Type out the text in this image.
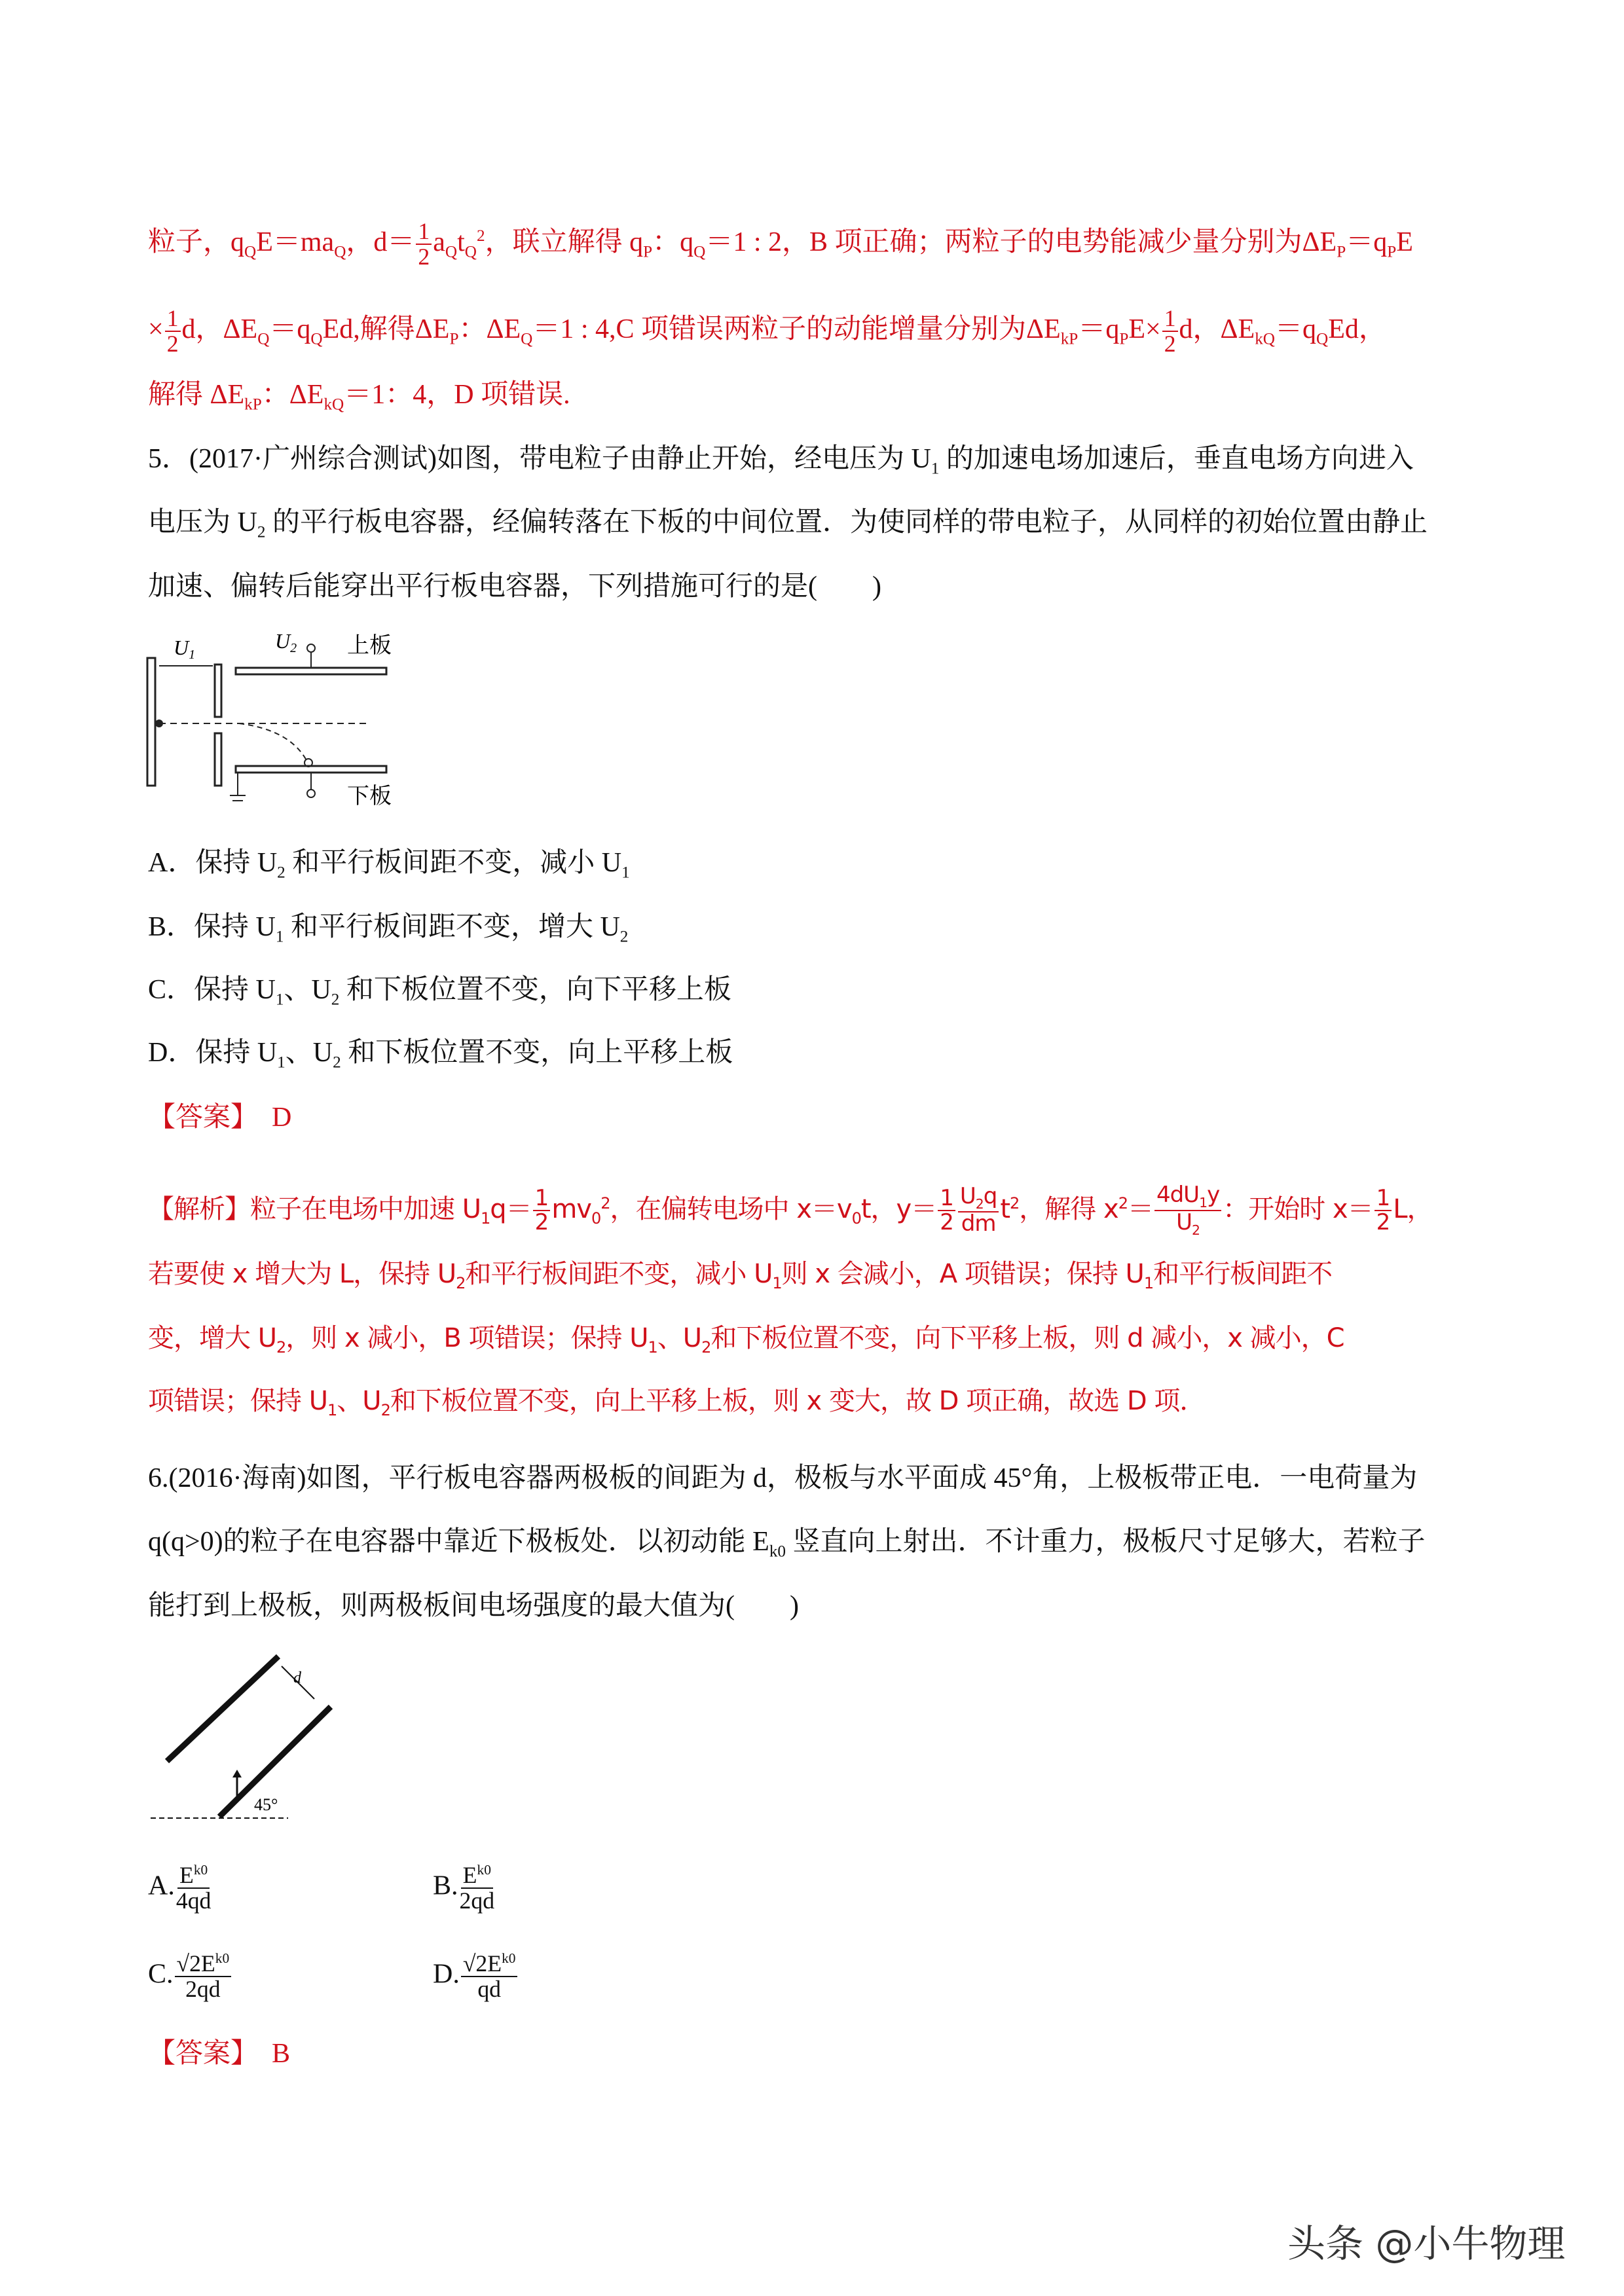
粒子，$q_QE=ma_Q$，$d= \frac{1}{2} a_Qt_Q^2$，联立解得 $q_P$：$q_Q=1$ : 2，B 项正确；两粒子的电势能减少量分别为$\Delta E_P=q_PE$
× $\frac{1}{2}$ d，$\Delta E_Q=q_QEd$,解得$\Delta E_P$：$\Delta E_Q=1$ : 4,C 项错误两粒子的动能增量分别为$\Delta E_{kP}=q_PE\times \frac{1}{2}$ d，$\Delta E_{kQ}=q_QEd$，
解得 $\Delta E_{kP}$：$\Delta E_{kQ}=1$：4，D 项错误.
5．(2017·广州综合测试)如图，带电粒子由静止开始，经电压为 $U_1$ 的加速电场加速后，垂直电场方向进入
电压为 $U_2$ 的平行板电容器，经偏转落在下板的中间位置．为使同样的带电粒子，从同样的初始位置由静止
加速、偏转后能穿出平行板电容器，下列措施可行的是(　　)
U1
U2 上板
下板
A．保持 $U_2$ 和平行板间距不变，减小 $U_1$
B．保持 $U_1$ 和平行板间距不变，增大 $U_2$
C．保持 $U_1$、$U_2$ 和下板位置不变，向下平移上板
D．保持 $U_1$、$U_2$ 和下板位置不变，向上平移上板
【答案】 D
【解析】粒子在电场中加速 $U_1q= \frac{1}{2} mv_0^2$，在偏转电场中 $x=v_0t$，$y= \frac{1}{2} \frac{U_2q}{dm} t^2$，解得 $x^2= \frac{4dU_1y}{U_2}$ ：开始时 $x= \frac{1}{2}$ L，
若要使 x 增大为 L，保持 $U_2$和平行板间距不变，减小 $U_1$则 x 会减小，A 项错误；保持 $U_1$和平行板间距不
变，增大 $U_2$，则 x 减小，B 项错误；保持 $U_1$、$U_2$和下板位置不变，向下平移上板，则 d 减小，x 减小，C
项错误；保持 $U_1$、$U_2$和下板位置不变，向上平移上板，则 x 变大，故 D 项正确，故选 D 项．
6.(2016·海南)如图，平行板电容器两极板的间距为 d，极板与水平面成 45°角，上极板带正电．一电荷量为
q(q>0)的粒子在电容器中靠近下极板处．以初动能 $E_{k0}$ 竖直向上射出．不计重力，极板尺寸足够大，若粒子
能打到上极板，则两极板间电场强度的最大值为(　　)
d
45°
A. $\frac{E^{k0}}{4qd}$	B. $\frac{E^{k0}}{2qd}$
C. $\frac{√2E^{k0}}{2qd}$	D. $\frac{√2E^{k0}}{qd}$
【答案】 B
头条 @小牛物理
